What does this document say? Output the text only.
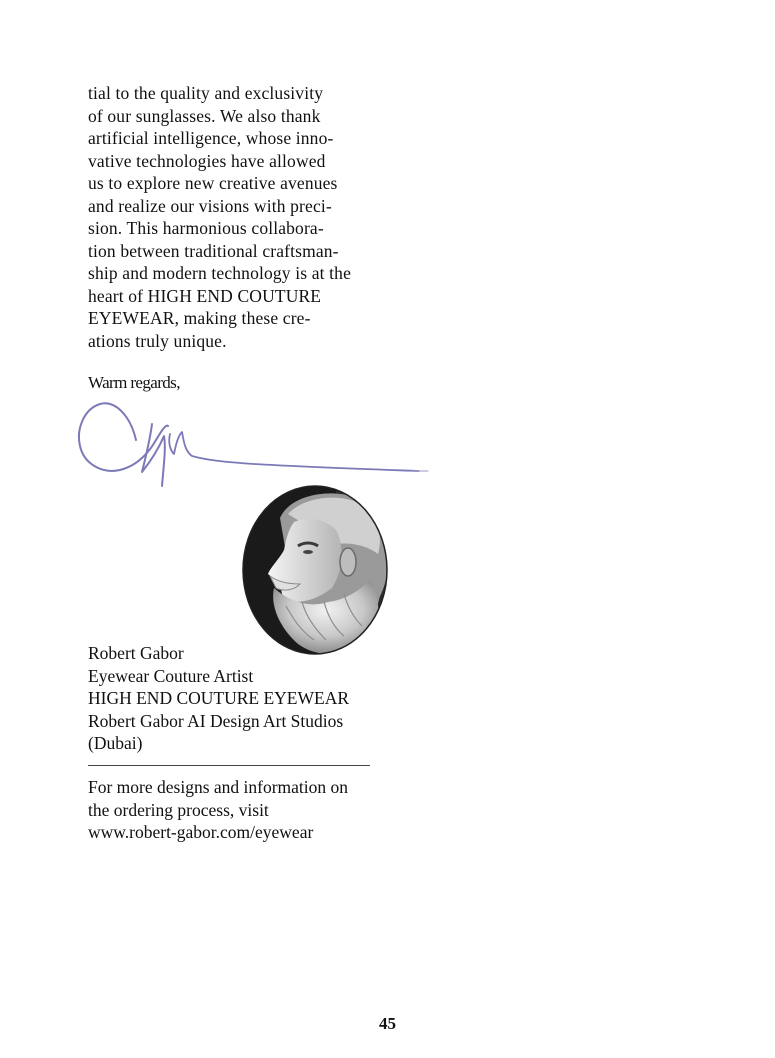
tial to the quality and exclusivity
of our sunglasses. We also thank
artificial intelligence, whose inno-
vative technologies have allowed
us to explore new creative avenues
and realize our visions with preci-
sion. This harmonious collabora-
tion between traditional craftsman-
ship and modern technology is at the
heart of HIGH END COUTURE
EYEWEAR, making these cre-
ations truly unique.
Warm regards,
Robert Gabor
Eyewear Couture Artist
HIGH END COUTURE EYEWEAR
Robert Gabor AI Design Art Studios
(Dubai)
For more designs and information on
the ordering process, visit
www.robert-gabor.com/eyewear
45
